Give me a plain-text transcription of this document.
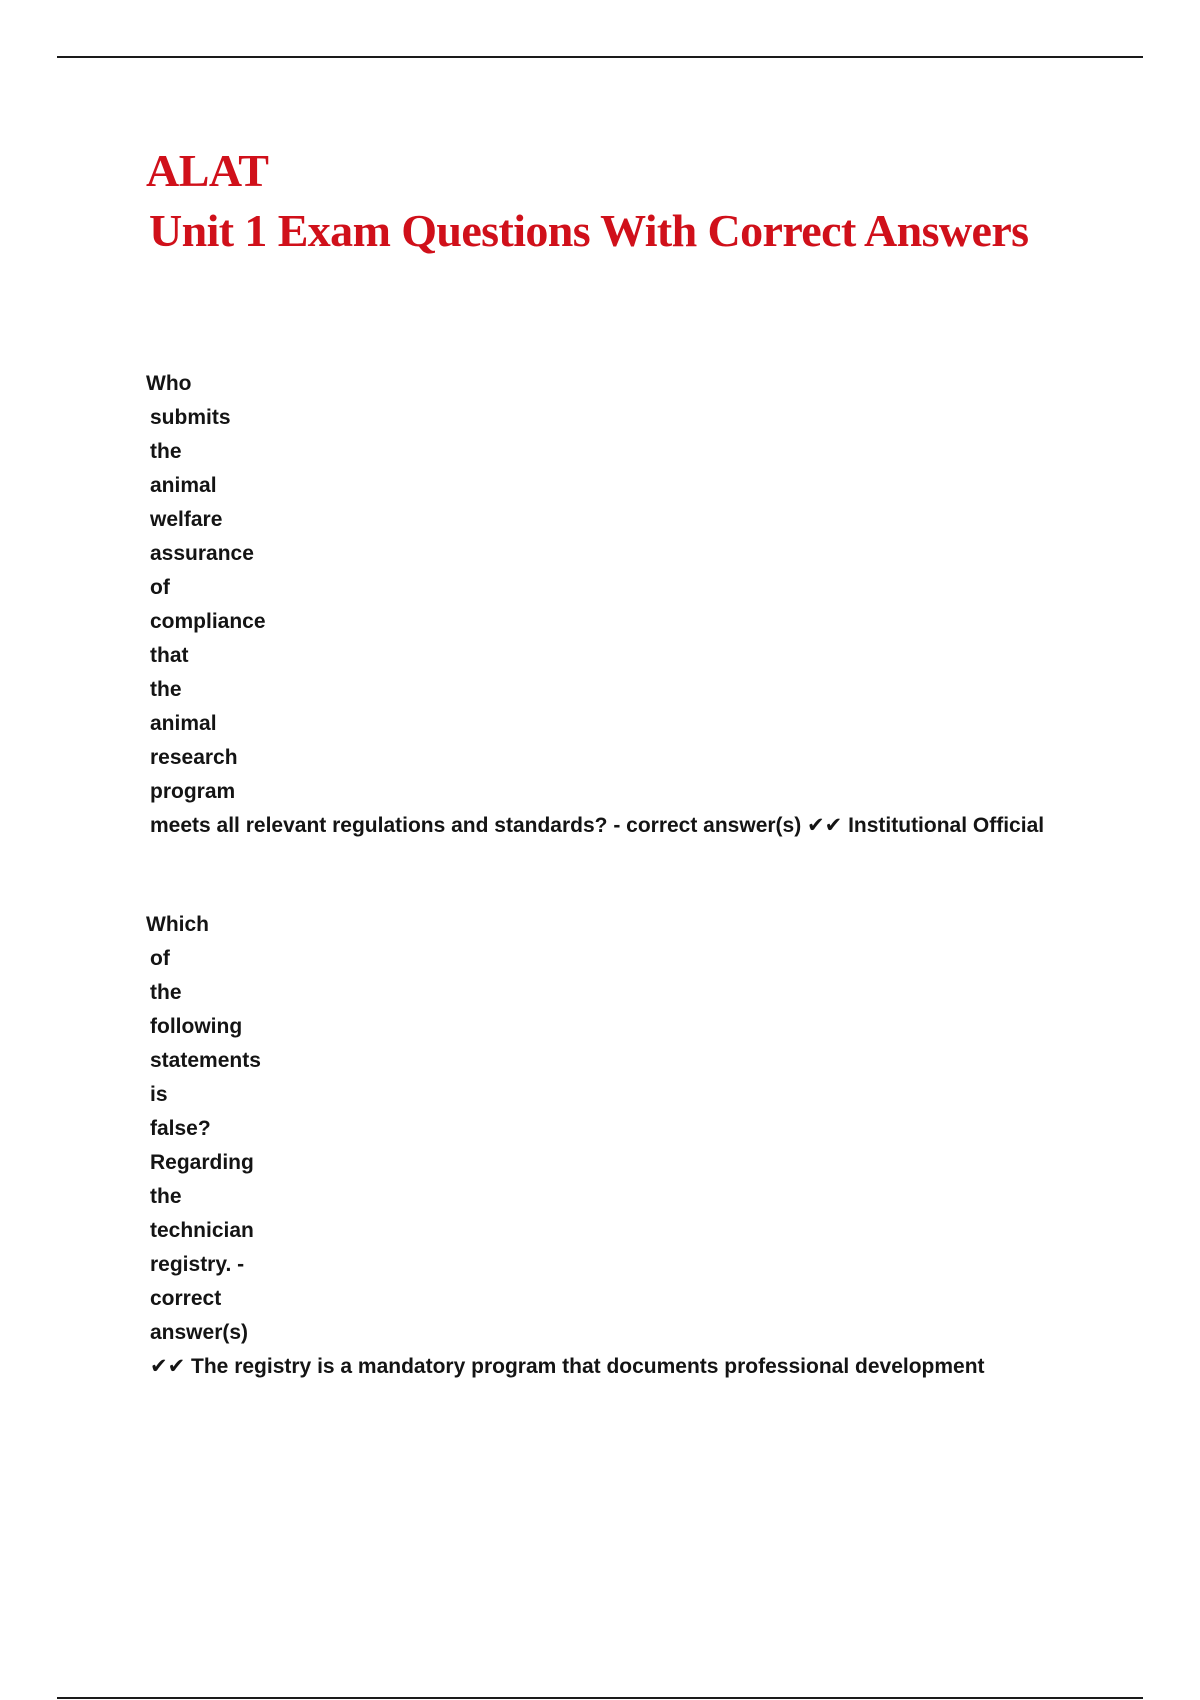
ALAT
Unit 1 Exam Questions With Correct Answers
Who
submits
the
animal
welfare
assurance
of
compliance
that
the
animal
research
program
meets all relevant regulations and standards? - correct answer(s) ✔✔ Institutional Official
Which
of
the
following
statements
is
false?
Regarding
the
technician
registry. -
correct
answer(s)
✔✔ The registry is a mandatory program that documents professional development
